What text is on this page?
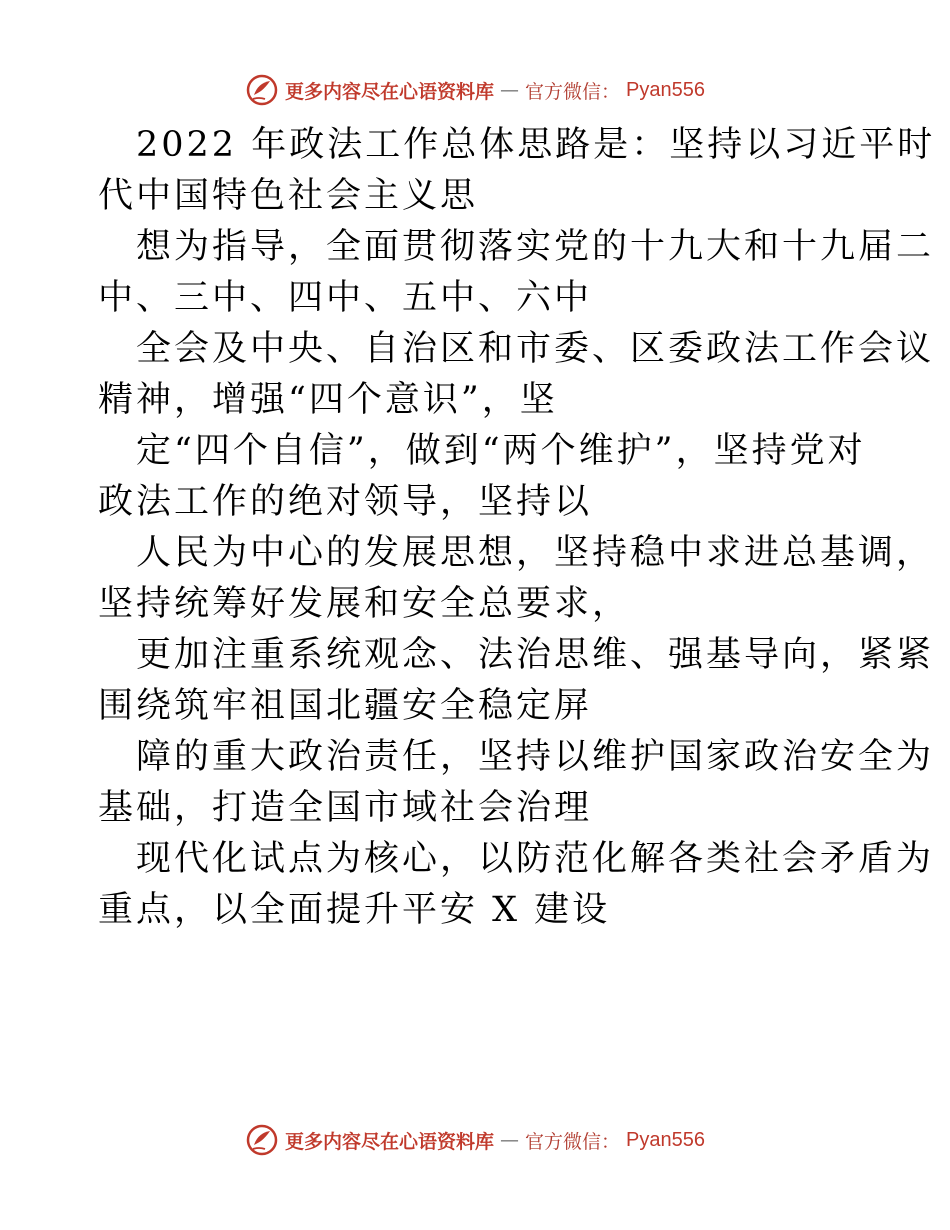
更多内容尽在心语资料库 — 官方微信： Pyan556
2022 年政法工作总体思路是：坚持以习近平时
代中国特色社会主义思
想为指导，全面贯彻落实党的十九大和十九届二
中、三中、四中、五中、六中
全会及中央、自治区和市委、区委政法工作会议
精神，增强“四个意识”，坚
定“四个自信”，做到“两个维护”，坚持党对
政法工作的绝对领导，坚持以
人民为中心的发展思想，坚持稳中求进总基调，
坚持统筹好发展和安全总要求，
更加注重系统观念、法治思维、强基导向，紧紧
围绕筑牢祖国北疆安全稳定屏
障的重大政治责任，坚持以维护国家政治安全为
基础，打造全国市域社会治理
现代化试点为核心，以防范化解各类社会矛盾为
重点，以全面提升平安 X 建设
更多内容尽在心语资料库 — 官方微信： Pyan556
